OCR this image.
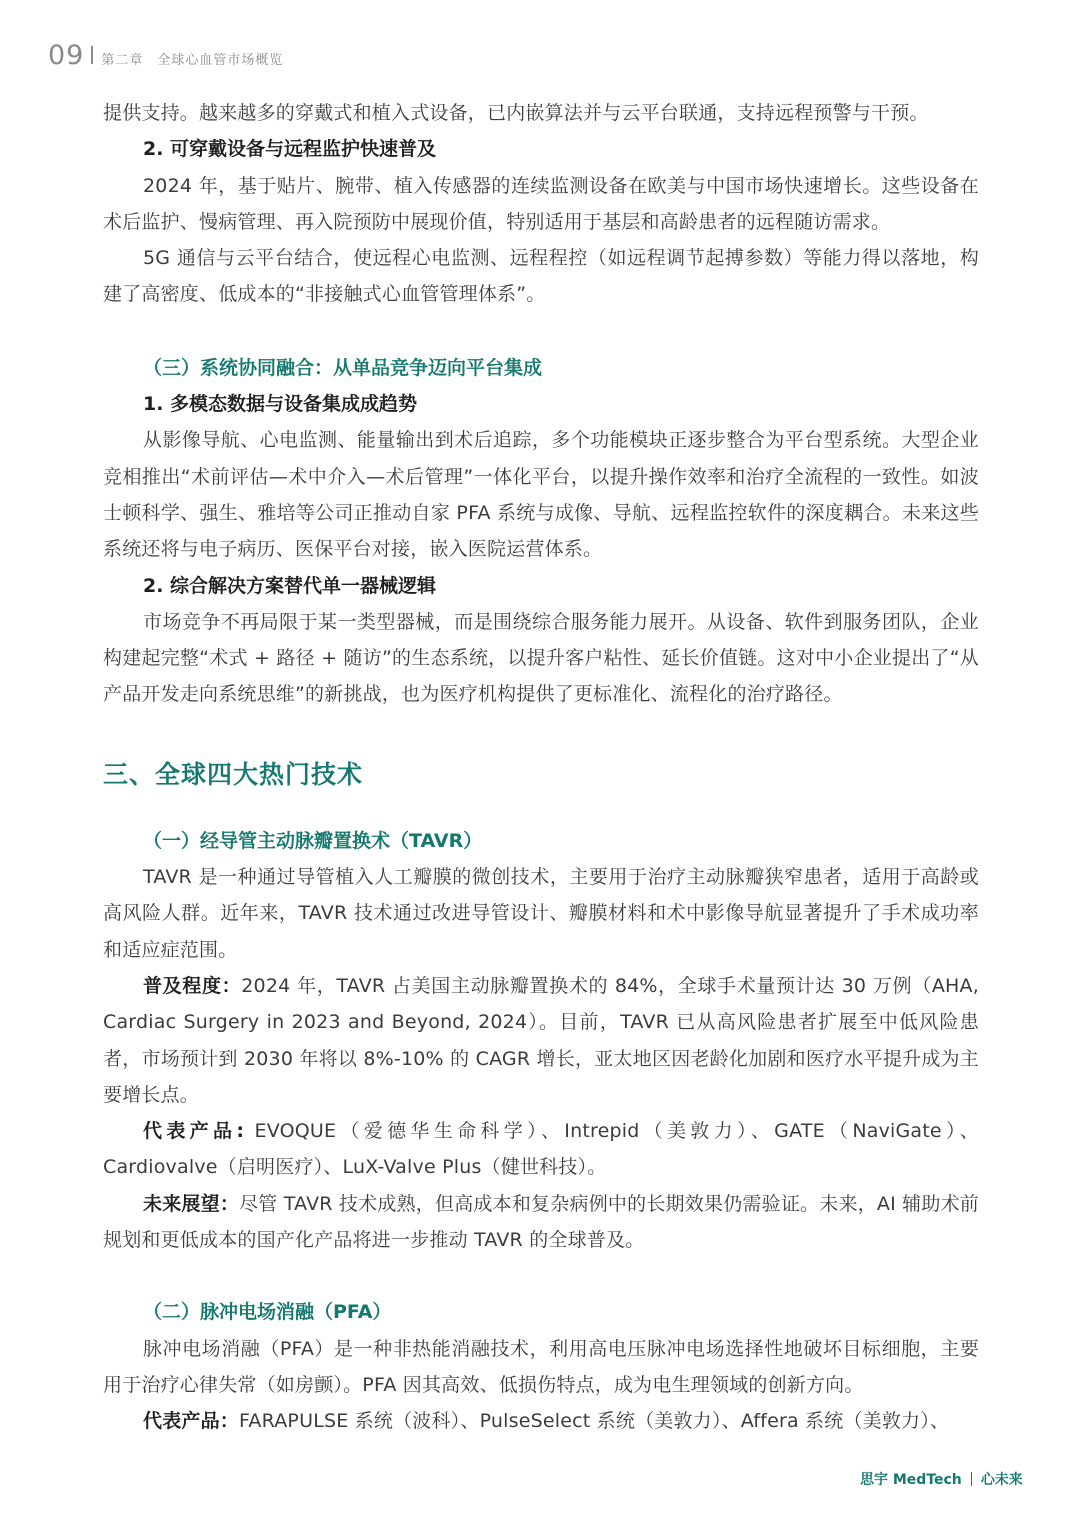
09 第二章　全球心血管市场概览

提供支持。越来越多的穿戴式和植入式设备，已内嵌算法并与云平台联通，支持远程预警与干预。

2. 可穿戴设备与远程监护快速普及

2024 年，基于贴片、腕带、植入传感器的连续监测设备在欧美与中国市场快速增长。这些设备在术后监护、慢病管理、再入院预防中展现价值，特别适用于基层和高龄患者的远程随访需求。

5G 通信与云平台结合，使远程心电监测、远程程控（如远程调节起搏参数）等能力得以落地，构建了高密度、低成本的“非接触式心血管管理体系”。

（三）系统协同融合：从单品竞争迈向平台集成
1. 多模态数据与设备集成成趋势

从影像导航、心电监测、能量输出到术后追踪，多个功能模块正逐步整合为平台型系统。大型企业竞相推出“术前评估—术中介入—术后管理”一体化平台，以提升操作效率和治疗全流程的一致性。如波士顿科学、强生、雅培等公司正推动自家 PFA 系统与成像、导航、远程监控软件的深度耦合。未来这些系统还将与电子病历、医保平台对接，嵌入医院运营体系。

2. 综合解决方案替代单一器械逻辑

市场竞争不再局限于某一类型器械，而是围绕综合服务能力展开。从设备、软件到服务团队，企业构建起完整“术式 + 路径 + 随访”的生态系统，以提升客户粘性、延长价值链。这对中小企业提出了“从产品开发走向系统思维”的新挑战，也为医疗机构提供了更标准化、流程化的治疗路径。

三、全球四大热门技术
（一）经导管主动脉瓣置换术（TAVR）

TAVR 是一种通过导管植入人工瓣膜的微创技术，主要用于治疗主动脉瓣狭窄患者，适用于高龄或高风险人群。近年来，TAVR 技术通过改进导管设计、瓣膜材料和术中影像导航显著提升了手术成功率和适应症范围。

普及程度：2024 年，TAVR 占美国主动脉瓣置换术的 84%，全球手术量预计达 30 万例（AHA, Cardiac Surgery in 2023 and Beyond, 2024）。目前，TAVR 已从高风险患者扩展至中低风险患者，市场预计到 2030 年将以 8%-10% 的 CAGR 增长，亚太地区因老龄化加剧和医疗水平提升成为主要增长点。

代表产品: EVOQUE（爱德华生命科学）、Intrepid（美敦力）、GATE（NaviGate）、Cardiovalve（启明医疗）、LuX-Valve Plus（健世科技）。

未来展望：尽管 TAVR 技术成熟，但高成本和复杂病例中的长期效果仍需验证。未来，AI 辅助术前规划和更低成本的国产化产品将进一步推动 TAVR 的全球普及。

（二）脉冲电场消融（PFA）

脉冲电场消融（PFA）是一种非热能消融技术，利用高电压脉冲电场选择性地破坏目标细胞，主要用于治疗心律失常（如房颤）。PFA 因其高效、低损伤特点，成为电生理领域的创新方向。

代表产品：FARAPULSE 系统（波科）、PulseSelect 系统（美敦力）、Affera 系统（美敦力）、

思宇 MedTech 心未来
